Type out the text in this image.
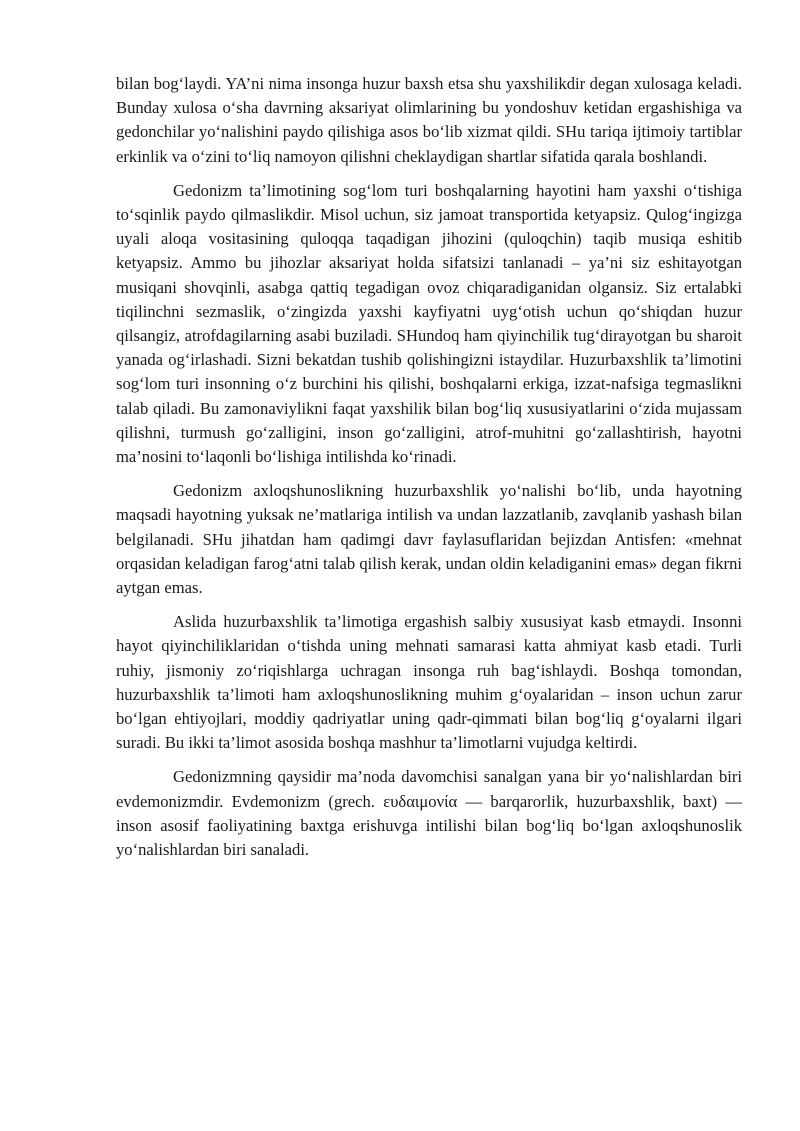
bilan bog‘laydi. YA’ni nima insonga huzur baxsh etsa shu yaxshilikdir degan xulosaga keladi. Bunday xulosa o‘sha davrning aksariyat olimlarining bu yondoshuv ketidan ergashishiga va gedonchilar yo‘nalishini paydo qilishiga asos bo‘lib xizmat qildi. SHu tariqa ijtimoiy tartiblar erkinlik va o‘zini to‘liq namoyon qilishni cheklaydigan shartlar sifatida qarala boshlandi.

Gedonizm ta’limotining sog‘lom turi boshqalarning hayotini ham yaxshi o‘tishiga to‘sqinlik paydo qilmaslikdir. Misol uchun, siz jamoat transportida ketyapsiz. Qulog‘ingizga uyali aloqa vositasining quloqqa taqadigan jihozini (quloqchin) taqib musiqa eshitib ketyapsiz. Ammo bu jihozlar aksariyat holda sifatsizi tanlanadi – ya’ni siz eshitayotgan musiqani shovqinli, asabga qattiq tegadigan ovoz chiqaradiganidan olgansiz. Siz ertalabki tiqilinchni sezmaslik, o‘zingizda yaxshi kayfiyatni uyg‘otish uchun qo‘shiqdan huzur qilsangiz, atrofdagilarning asabi buziladi. SHundoq ham qiyinchilik tug‘dirayotgan bu sharoit yanada og‘irlashadi. Sizni bekatdan tushib qolishingizni istaydilar. Huzurbaxshlik ta’limotini sog‘lom turi insonning o‘z burchini his qilishi, boshqalarni erkiga, izzat-nafsiga tegmaslikni talab qiladi. Bu zamonaviylikni faqat yaxshilik bilan bog‘liq xususiyatlarini o‘zida mujassam qilishni, turmush go‘zalligini, inson go‘zalligini, atrof-muhitni go‘zallashtirish, hayotni ma’nosini to‘laqonli bo‘lishiga intilishda ko‘rinadi.

Gedonizm axloqshunoslikning huzurbaxshlik yo‘nalishi bo‘lib, unda hayotning maqsadi hayotning yuksak ne’matlariga intilish va undan lazzatlanib, zavqlanib yashash bilan belgilanadi. SHu jihatdan ham qadimgi davr faylasuflaridan bejizdan Antisfen: «mehnat orqasidan keladigan farog‘atni talab qilish kerak, undan oldin keladiganini emas» degan fikrni aytgan emas.

Aslida huzurbaxshlik ta’limotiga ergashish salbiy xususiyat kasb etmaydi. Insonni hayot qiyinchiliklaridan o‘tishda uning mehnati samarasi katta ahmiyat kasb etadi. Turli ruhiy, jismoniy zo‘riqishlarga uchragan insonga ruh bag‘ishlaydi. Boshqa tomondan, huzurbaxshlik ta’limoti ham axloqshunoslikning muhim g‘oyalaridan – inson uchun zarur bo‘lgan ehtiyojlari, moddiy qadriyatlar uning qadr-qimmati bilan bog‘liq g‘oyalarni ilgari suradi. Bu ikki ta’limot asosida boshqa mashhur ta’limotlarni vujudga keltirdi.

Gedonizmning qaysidir ma’noda davomchisi sanalgan yana bir yo‘nalishlardan biri evdemonizmdir. Evdemonizm (grech. ευδαιμονία — barqarorlik, huzurbaxshlik, baxt) — inson asosif faoliyatining baxtga erishuvga intilishi bilan bog‘liq bo‘lgan axloqshunoslik yo‘nalishlardan biri sanaladi.
